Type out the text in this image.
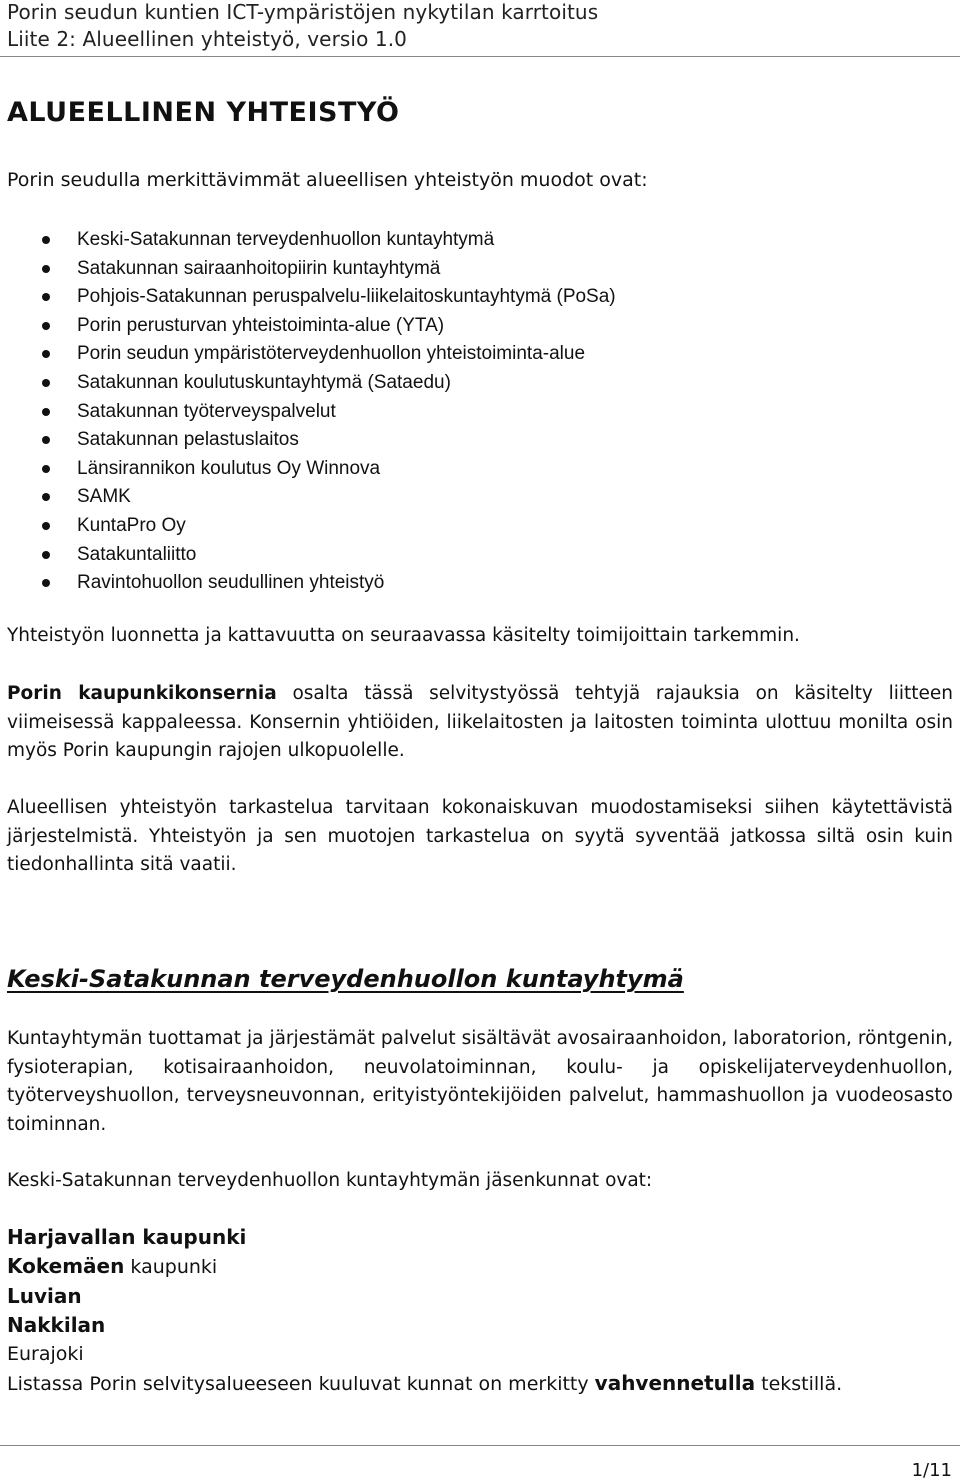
Porin seudun kuntien ICT-ympäristöjen nykytilan karrtoitus
Liite 2: Alueellinen yhteistyö, versio 1.0
ALUEELLINEN YHTEISTYÖ
Porin seudulla merkittävimmät alueellisen yhteistyön muodot ovat:
Keski-Satakunnan terveydenhuollon kuntayhtymä
Satakunnan sairaanhoitopiirin kuntayhtymä
Pohjois-Satakunnan peruspalvelu-liikelaitoskuntayhtymä (PoSa)
Porin perusturvan yhteistoiminta-alue (YTA)
Porin seudun ympäristöterveydenhuollon yhteistoiminta-alue
Satakunnan koulutuskuntayhtymä (Sataedu)
Satakunnan työterveyspalvelut
Satakunnan pelastuslaitos
Länsirannikon koulutus Oy Winnova
SAMK
KuntaPro Oy
Satakuntaliitto
Ravintohuollon seudullinen yhteistyö
Yhteistyön luonnetta ja kattavuutta on seuraavassa käsitelty toimijoittain tarkemmin.
Porin kaupunkikonsernia osalta tässä selvitystyössä tehtyjä rajauksia on käsitelty liitteen viimeisessä kappaleessa. Konsernin yhtiöiden, liikelaitosten ja laitosten toiminta ulottuu monilta osin myös Porin kaupungin rajojen ulkopuolelle.
Alueellisen yhteistyön tarkastelua tarvitaan kokonaiskuvan muodostamiseksi siihen käytettävistä järjestelmistä. Yhteistyön ja sen muotojen tarkastelua on syytä syventää jatkossa siltä osin kuin tiedonhallinta sitä vaatii.
Keski-Satakunnan terveydenhuollon kuntayhtymä
Kuntayhtymän tuottamat ja järjestämät palvelut sisältävät avosairaanhoidon, laboratorion, röntgenin, fysioterapian, kotisairaanhoidon, neuvolatoiminnan, koulu- ja opiskelijaterveydenhuollon, työterveyshuollon, terveysneuvonnan, erityistyöntekijöiden palvelut, hammashuollon ja vuodeosasto toiminnan.
Keski-Satakunnan terveydenhuollon kuntayhtymän jäsenkunnat ovat:
Harjavallan kaupunki
Kokemäen kaupunki
Luvian
Nakkilan
Eurajoki
Listassa Porin selvitysalueeseen kuuluvat kunnat on merkitty vahvennetulla tekstillä.
1/11
